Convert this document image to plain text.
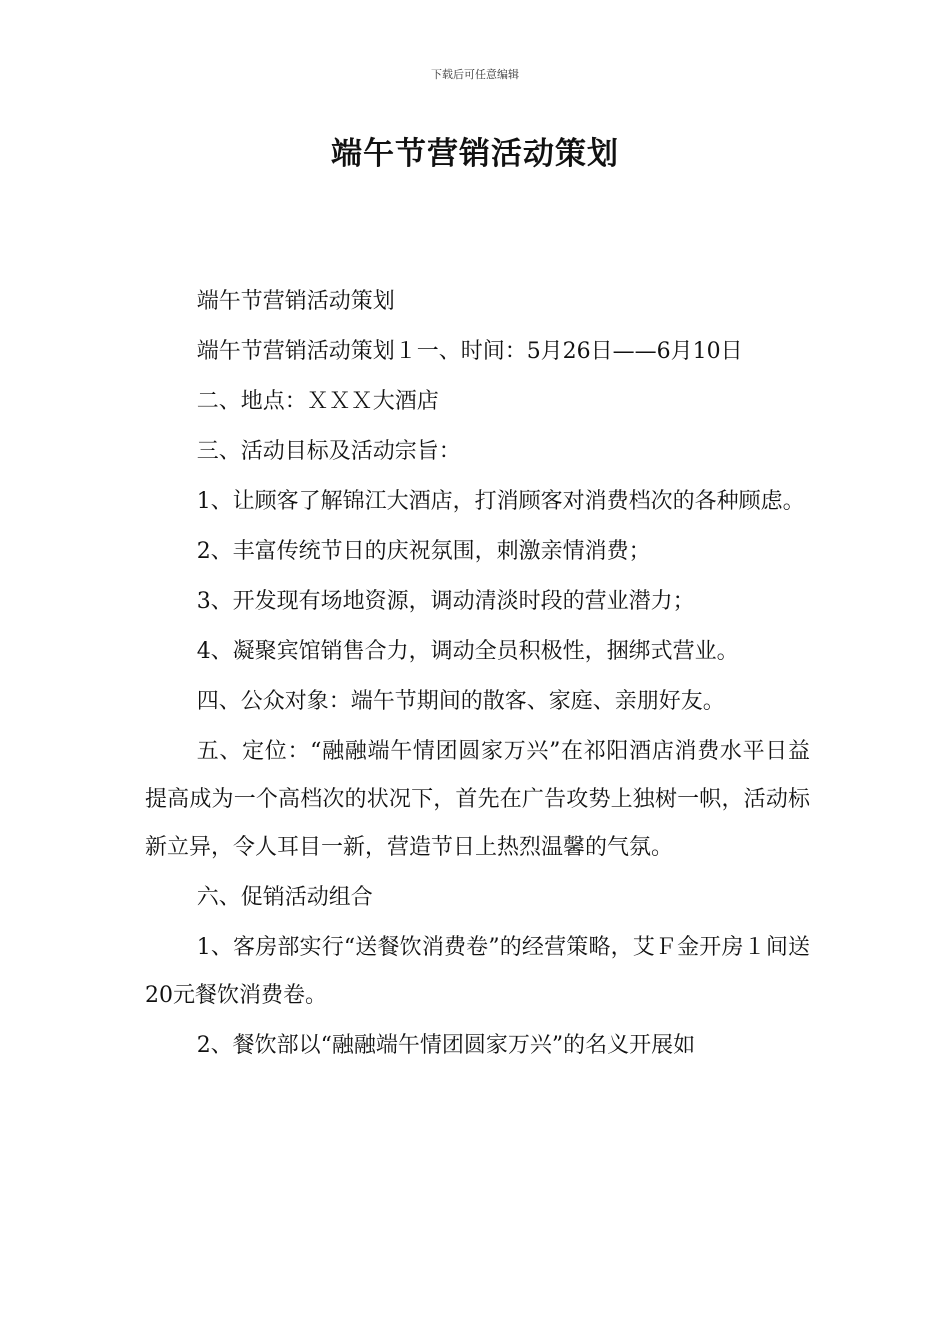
下载后可任意编辑
端午节营销活动策划

端午节营销活动策划

端午节营销活动策划１一、时间：5月26日——6月10日

二、地点：ＸＸＸ大酒店

三、活动目标及活动宗旨：

1、让顾客了解锦江大酒店，打消顾客对消费档次的各种顾虑。

2、丰富传统节日的庆祝氛围，刺激亲情消费；

3、开发现有场地资源，调动清淡时段的营业潜力；

4、凝聚宾馆销售合力，调动全员积极性，捆绑式营业。

四、公众对象：端午节期间的散客、家庭、亲朋好友。

五、定位：“融融端午情团圆家万兴”在祁阳酒店消费水平日益提高成为一个高档次的状况下，首先在广告攻势上独树一帜，活动标新立异，令人耳目一新，营造节日上热烈温馨的气氛。

六、促销活动组合

1、客房部实行“送餐饮消费卷”的经营策略，艾Ｆ金开房１间送20元餐饮消费卷。

2、餐饮部以“融融端午情团圆家万兴”的名义开展如
